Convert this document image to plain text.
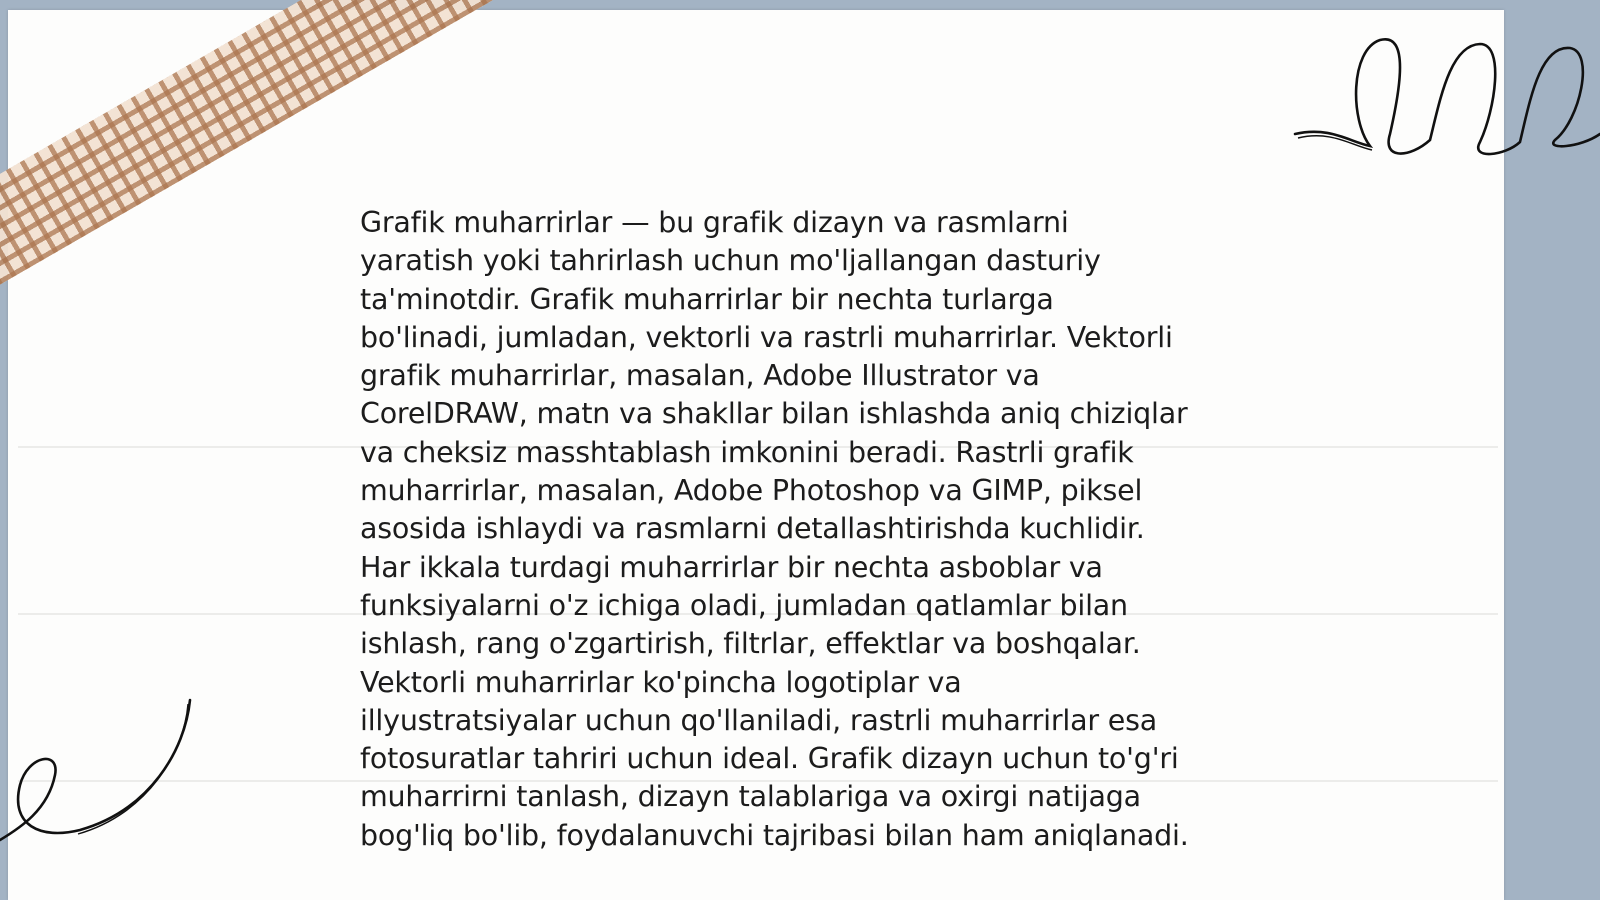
Grafik muharrirlar — bu grafik dizayn va rasmlarni
yaratish yoki tahrirlash uchun mo'ljallangan dasturiy
ta'minotdir. Grafik muharrirlar bir nechta turlarga
bo'linadi, jumladan, vektorli va rastrli muharrirlar. Vektorli
grafik muharrirlar, masalan, Adobe Illustrator va
CorelDRAW, matn va shakllar bilan ishlashda aniq chiziqlar
va cheksiz masshtablash imkonini beradi. Rastrli grafik
muharrirlar, masalan, Adobe Photoshop va GIMP, piksel
asosida ishlaydi va rasmlarni detallashtirishda kuchlidir.
Har ikkala turdagi muharrirlar bir nechta asboblar va
funksiyalarni o'z ichiga oladi, jumladan qatlamlar bilan
ishlash, rang o'zgartirish, filtrlar, effektlar va boshqalar.
Vektorli muharrirlar ko'pincha logotiplar va
illyustratsiyalar uchun qo'llaniladi, rastrli muharrirlar esa
fotosuratlar tahriri uchun ideal. Grafik dizayn uchun to'g'ri
muharrirni tanlash, dizayn talablariga va oxirgi natijaga
bog'liq bo'lib, foydalanuvchi tajribasi bilan ham aniqlanadi.
